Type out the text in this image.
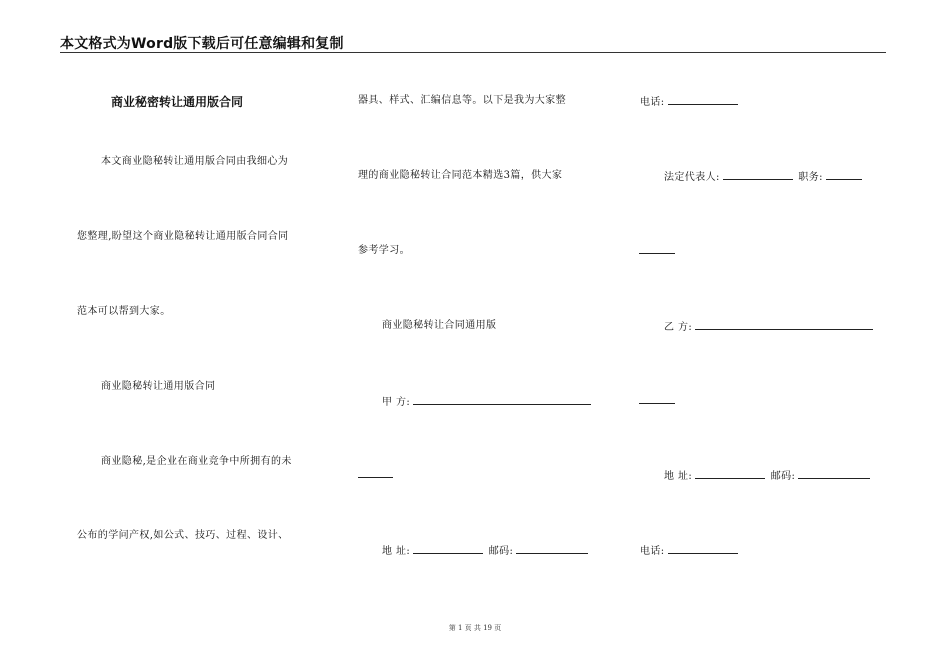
本文格式为Word版下载后可任意编辑和复制
商业秘密转让通用版合同
本文商业隐秘转让通用版合同由我细心为
您整理,盼望这个商业隐秘转让通用版合同合同
范本可以帮到大家。
商业隐秘转让通用版合同
商业隐秘,是企业在商业竞争中所拥有的未
公布的学问产权,如公式、技巧、过程、设计、
器具、样式、汇编信息等。以下是我为大家整
理的商业隐秘转让合同范本精选3篇，供大家
参考学习。
商业隐秘转让合同通用版
甲 方:
地 址:	邮码:
电话:
法定代表人:	职务:
乙 方:
地 址:	邮码:
电话:
第 1 页 共 19 页
